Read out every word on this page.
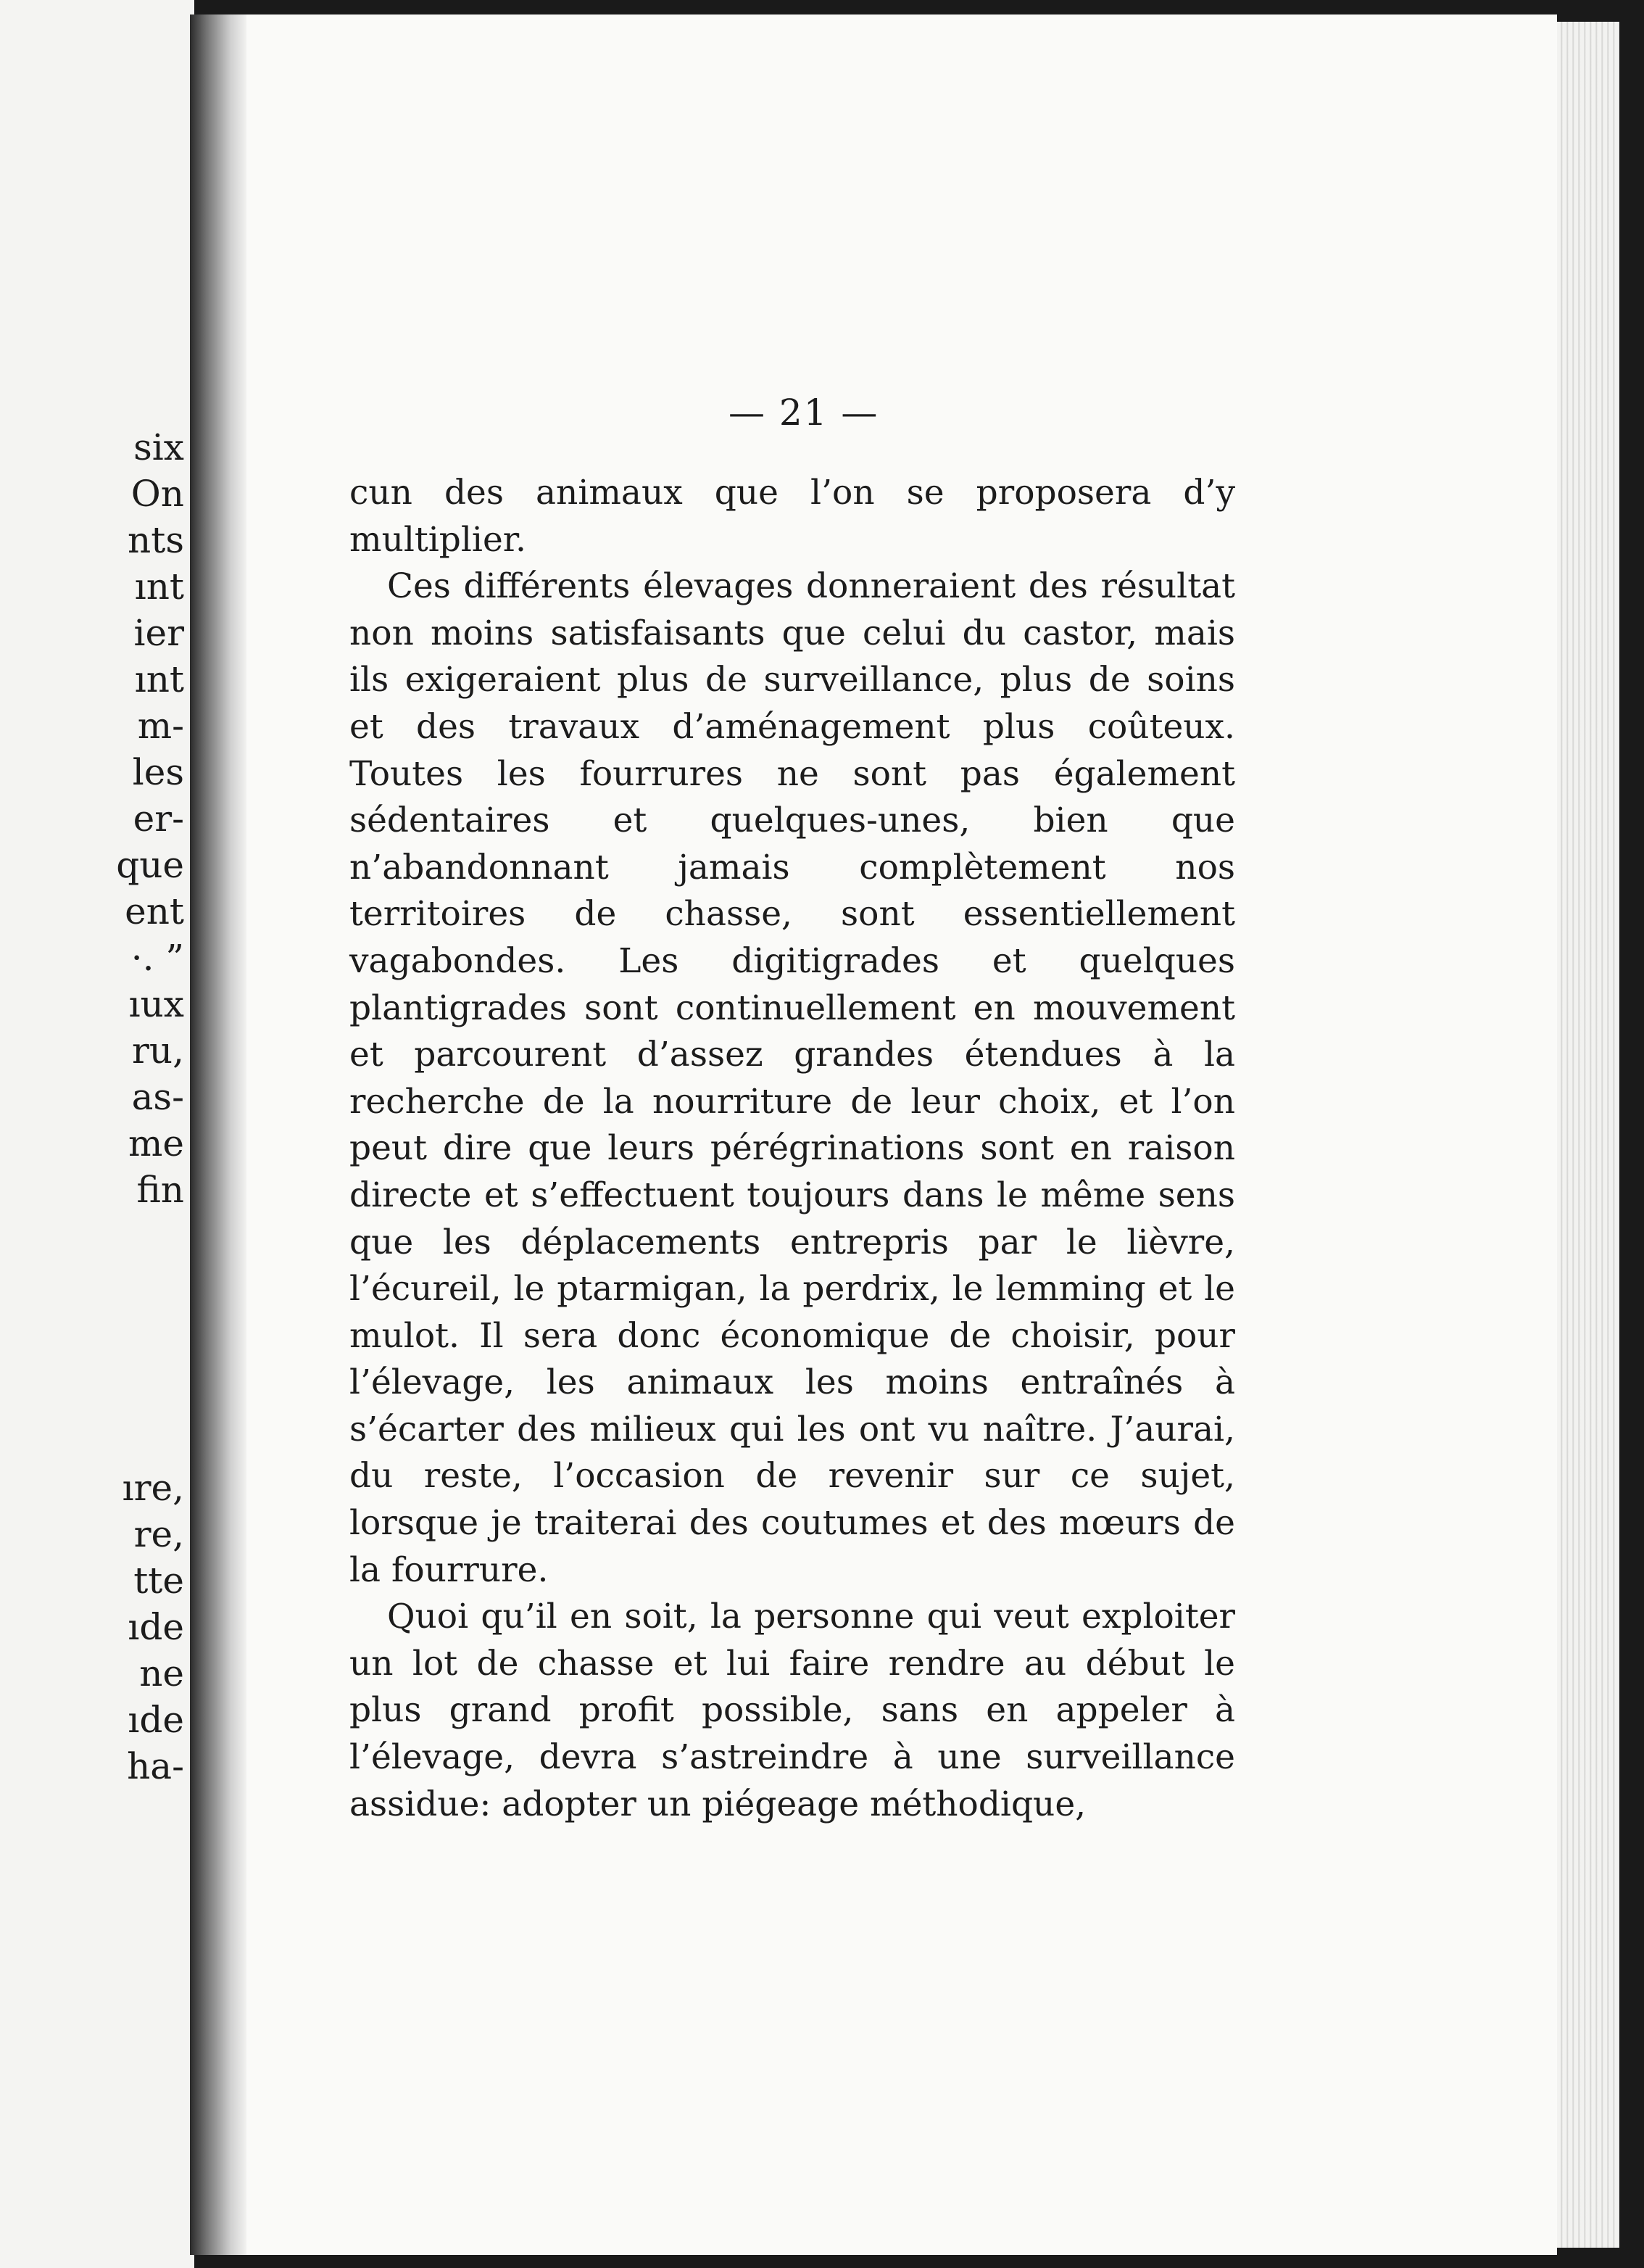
six
On
nts
ınt
ier
ınt
m-
les
er-
que
ent
·. ”
ıux
ru,
as-
me
fin
ıre,
re,
tte
ıde
ne
ıde
ha-
— 21 —

cun des animaux que l’on se proposera d’y multiplier.

Ces différents élevages donneraient des résultat non moins satisfaisants que celui du castor, mais ils exigeraient plus de surveillance, plus de soins et des travaux d’aménagement plus coûteux. Toutes les fourrures ne sont pas également sédentaires et quelques-unes, bien que n’abandonnant jamais complètement nos territoires de chasse, sont essentiellement vagabondes. Les digitigrades et quelques plantigrades sont continuellement en mouvement et parcourent d’assez grandes étendues à la recherche de la nourriture de leur choix, et l’on peut dire que leurs pérégrinations sont en raison directe et s’effectuent toujours dans le même sens que les déplacements entrepris par le lièvre, l’écureil, le ptarmigan, la perdrix, le lemming et le mulot. Il sera donc économique de choisir, pour l’élevage, les animaux les moins entraînés à s’écarter des milieux qui les ont vu naître. J’aurai, du reste, l’occasion de revenir sur ce sujet, lorsque je traiterai des coutumes et des mœurs de la fourrure.

Quoi qu’il en soit, la personne qui veut exploiter un lot de chasse et lui faire rendre au début le plus grand profit possible, sans en appeler à l’élevage, devra s’astreindre à une surveillance assidue: adopter un piégeage méthodique,
